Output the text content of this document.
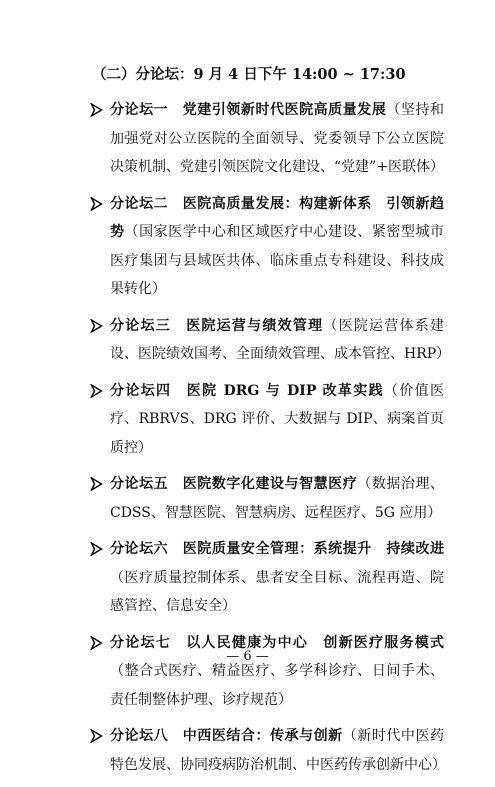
（二）分论坛：9 月 4 日下午 14:00 ~ 17:30
分论坛一　党建引领新时代医院高质量发展（坚持和加强党对公立医院的全面领导、党委领导下公立医院决策机制、党建引领医院文化建设、“党建”+医联体）
分论坛二　医院高质量发展：构建新体系　引领新趋势（国家医学中心和区域医疗中心建设、紧密型城市医疗集团与县域医共体、临床重点专科建设、科技成果转化）
分论坛三　医院运营与绩效管理（医院运营体系建设、医院绩效国考、全面绩效管理、成本管控、HRP）
分论坛四　医院 DRG 与 DIP 改革实践（价值医疗、RBRVS、DRG 评价、大数据与 DIP、病案首页质控）
分论坛五　医院数字化建设与智慧医疗（数据治理、CDSS、智慧医院、智慧病房、远程医疗、5G 应用）
分论坛六　医院质量安全管理：系统提升　持续改进（医疗质量控制体系、患者安全目标、流程再造、院感管控、信息安全）
分论坛七　以人民健康为中心　创新医疗服务模式（整合式医疗、精益医疗、多学科诊疗、日间手术、责任制整体护理、诊疗规范）
分论坛八　中西医结合：传承与创新（新时代中医药特色发展、协同疫病防治机制、中医药传承创新中心）
— 6 —
